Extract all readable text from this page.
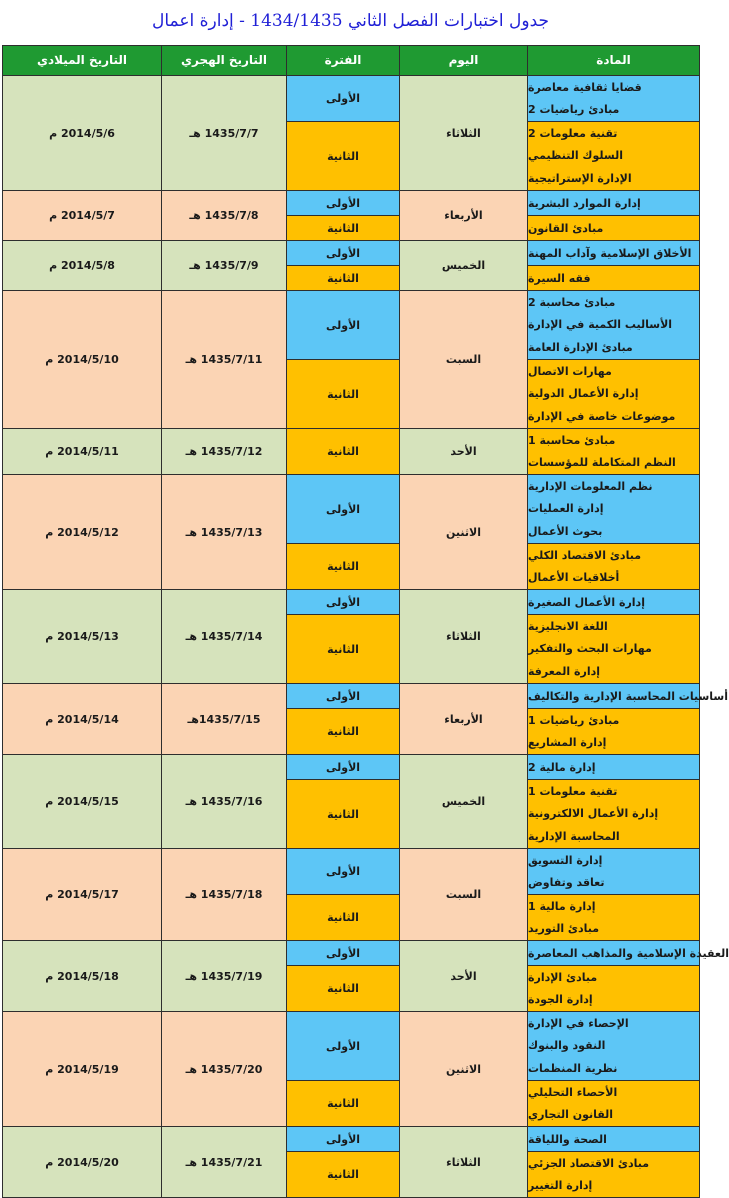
جدول اختبارات الفصل الثاني 1434/1435 - إدارة اعمال
المادة	اليوم	الفترة	التاريخ الهجري	التاريخ الميلادي

قضايا ثقافية معاصرة
مبادئ رياضيات 2	الثلاثاء	الأولى	1435/7/7 هـ	2014/5/6 م

تقنية معلومات 2
السلوك التنظيمي
الإدارة الإستراتيجية		الثانية		

إدارة الموارد البشرية	الأربعاء	الأولى	1435/7/8 هـ	2014/5/7 م

مبادئ القانون		الثانية		

الأخلاق الإسلامية وآداب المهنة	الخميس	الأولى	1435/7/9 هـ	2014/5/8 م

فقه السيرة		الثانية		

مبادئ محاسبة 2
الأساليب الكمية في الإدارة
مبادئ الإدارة العامة	السبت	الأولى	1435/7/11 هـ	2014/5/10 م

مهارات الاتصال
إدارة الأعمال الدولية
موضوعات خاصة في الإدارة		الثانية		

مبادئ محاسبة 1
النظم المتكاملة للمؤسسات	الأحد	الثانية	1435/7/12 هـ	2014/5/11 م

نظم المعلومات الإدارية
إدارة العمليات
بحوث الأعمال	الاثنين	الأولى	1435/7/13 هـ	2014/5/12 م

مبادئ الاقتصاد الكلي
أخلاقيات الأعمال		الثانية		

إدارة الأعمال الصغيرة	الثلاثاء	الأولى	1435/7/14 هـ	2014/5/13 م

اللغة الانجليزية
مهارات البحث والتفكير
إدارة المعرفة		الثانية		

أساسيات المحاسبة الإدارية والتكاليف	الأربعاء	الأولى	1435/7/15هـ	2014/5/14 م

مبادئ رياضيات 1
إدارة المشاريع		الثانية		

إدارة مالية 2	الخميس	الأولى	1435/7/16 هـ	2014/5/15 م

تقنية معلومات 1
إدارة الأعمال الالكترونية
المحاسبة الإدارية		الثانية		

إدارة التسويق
تعاقد وتفاوض	السبت	الأولى	1435/7/18 هـ	2014/5/17 م

إدارة مالية 1
مبادئ التوريد		الثانية		

العقيدة الإسلامية والمذاهب المعاصرة	الأحد	الأولى	1435/7/19 هـ	2014/5/18 م

مبادئ الإدارة
إدارة الجودة		الثانية		

الإحصاء في الإدارة
النقود والبنوك
نظرية المنظمات	الاثنين	الأولى	1435/7/20 هـ	2014/5/19 م

الأحصاء التحليلي
القانون التجاري		الثانية		

الصحة واللياقة	الثلاثاء	الأولى	1435/7/21 هـ	2014/5/20 م

مبادئ الاقتصاد الجزئي
إدارة التغيير		الثانية		
